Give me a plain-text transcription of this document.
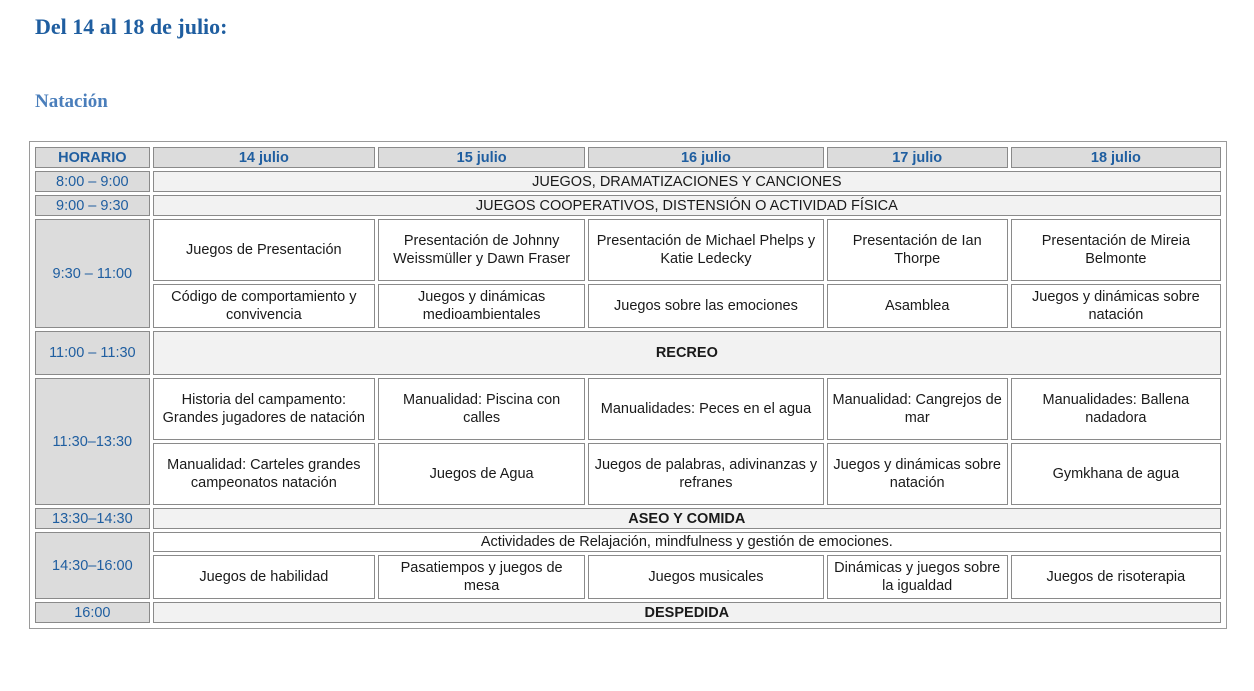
Del 14 al 18 de julio:
Natación
HORARIO	14 julio	15 julio	16 julio	17 julio	18 julio
8:00 – 9:00	JUEGOS, DRAMATIZACIONES Y CANCIONES				
9:00 – 9:30	JUEGOS COOPERATIVOS, DISTENSIÓN O ACTIVIDAD FÍSICA				
9:30 – 11:00	Juegos de Presentación	Presentación de Johnny Weissmüller y Dawn Fraser	Presentación de Michael Phelps y Katie Ledecky	Presentación de Ian Thorpe	Presentación de Mireia Belmonte
	Código de comportamiento y convivencia	Juegos y dinámicas medioambientales	Juegos sobre las emociones	Asamblea	Juegos y dinámicas sobre natación
11:00 – 11:30	RECREO				
11:30–13:30	Historia del campamento: Grandes jugadores de natación	Manualidad: Piscina con calles	Manualidades: Peces en el agua	Manualidad: Cangrejos de mar	Manualidades: Ballena nadadora
	Manualidad: Carteles grandes campeonatos natación	Juegos de Agua	Juegos de palabras, adivinanzas y refranes	Juegos y dinámicas sobre natación	Gymkhana de agua
13:30–14:30	ASEO Y COMIDA				
14:30–16:00	Actividades de Relajación, mindfulness y gestión de emociones.				
	Juegos de habilidad	Pasatiempos y juegos de mesa	Juegos musicales	Dinámicas y juegos sobre la igualdad	Juegos de risoterapia
16:00	DESPEDIDA				
